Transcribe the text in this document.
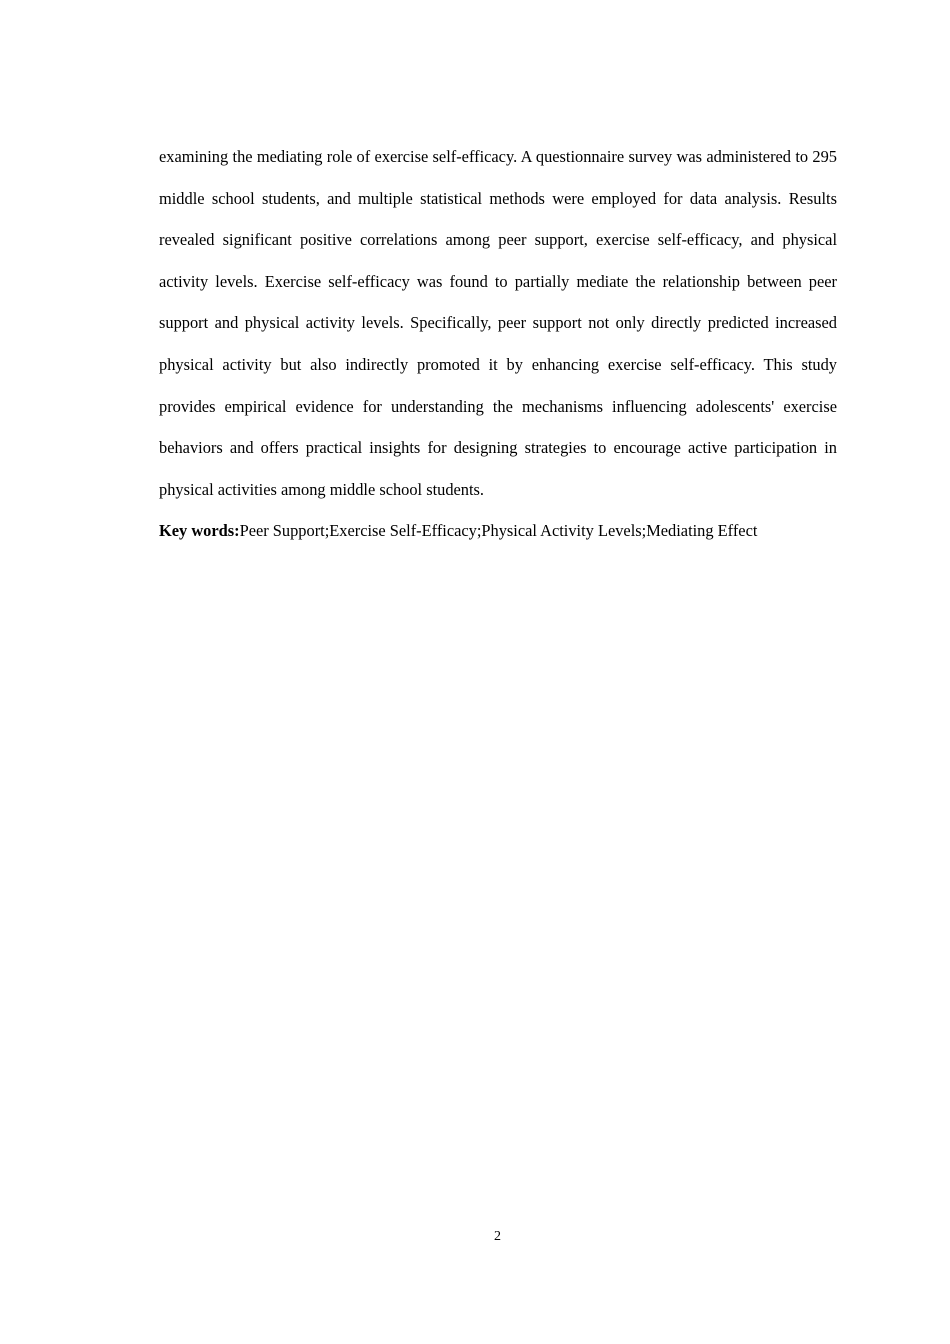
examining the mediating role of exercise self-efficacy. A questionnaire survey was administered to 295
middle school students, and multiple statistical methods were employed for data analysis. Results
revealed significant positive correlations among peer support, exercise self-efficacy, and physical
activity levels. Exercise self-efficacy was found to partially mediate the relationship between peer
support and physical activity levels. Specifically, peer support not only directly predicted increased
physical activity but also indirectly promoted it by enhancing exercise self-efficacy. This study
provides empirical evidence for understanding the mechanisms influencing adolescents' exercise
behaviors and offers practical insights for designing strategies to encourage active participation in
physical activities among middle school students.
Key words:Peer Support;Exercise Self-Efficacy;Physical Activity Levels;Mediating Effect
2
